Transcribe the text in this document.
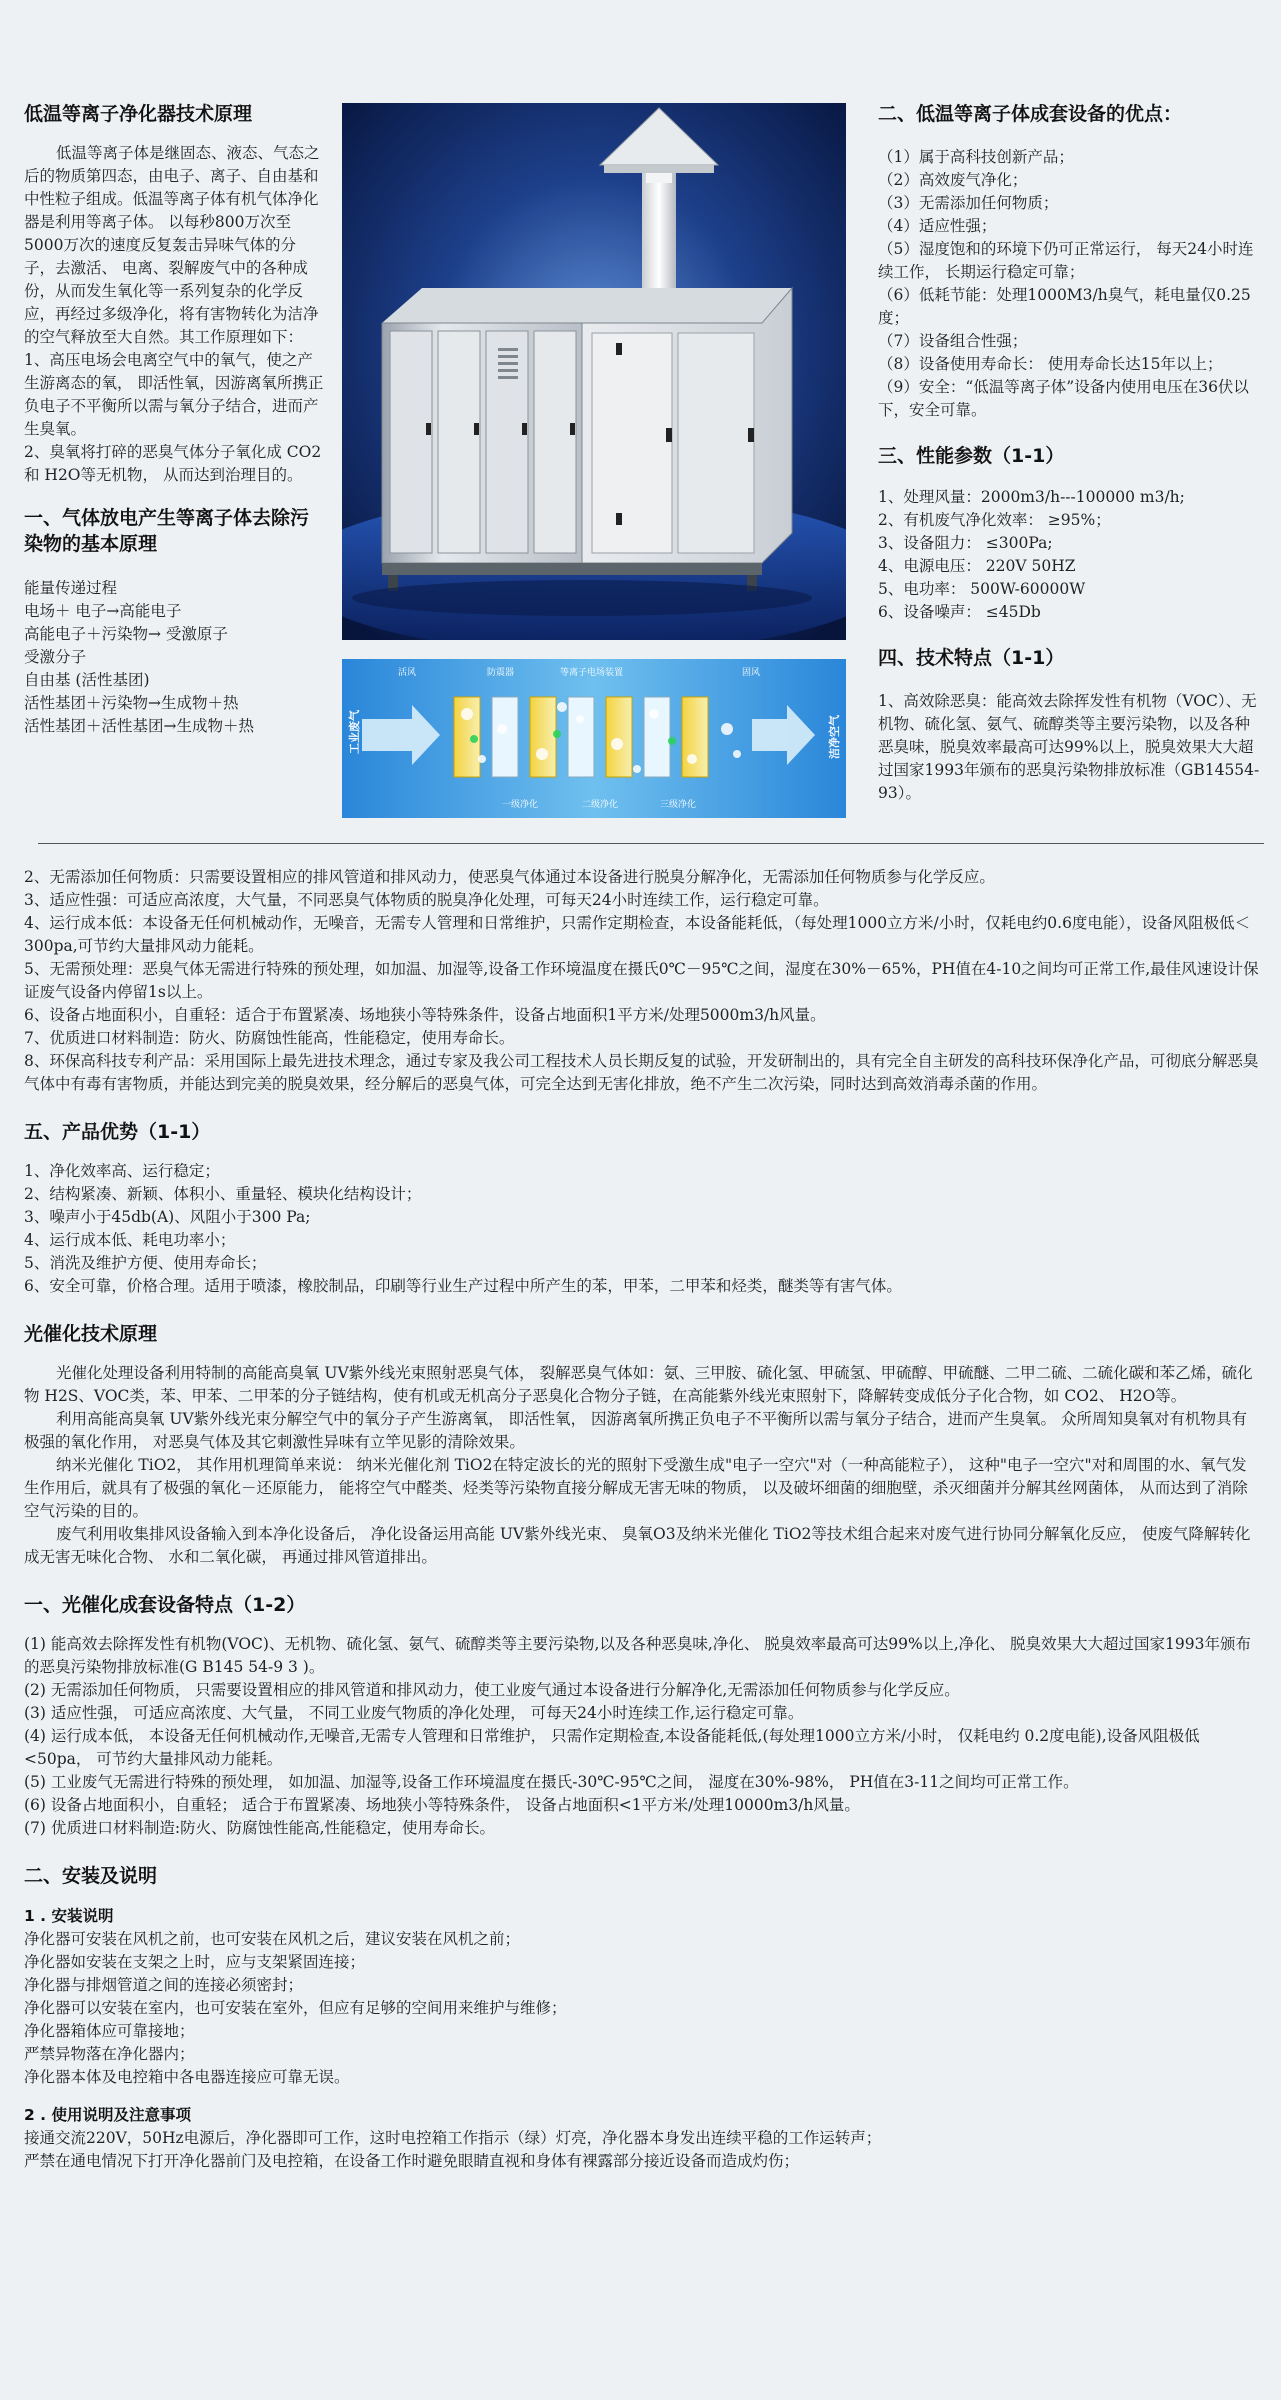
低温等离子净化器技术原理

低温等离子体是继固态、液态、气态之后的物质第四态，由电子、离子、自由基和中性粒子组成。低温等离子体有机气体净化器是利用等离子体。 以每秒800万次至5000万次的速度反复轰击异味气体的分子，去激活、 电离、裂解废气中的各种成份，从而发生氧化等一系列复杂的化学反应，再经过多级净化，将有害物转化为洁净的空气释放至大自然。其工作原理如下：

1、高压电场会电离空气中的氧气，使之产生游离态的氧， 即活性氧，因游离氧所携正负电子不平衡所以需与氧分子结合，进而产生臭氧。

2、臭氧将打碎的恶臭气体分子氧化成 CO2和 H2O等无机物， 从而达到治理目的。

一、气体放电产生等离子体去除污染物的基本原理
能量传递过程
电场＋ 电子→高能电子
高能电子＋污染物→ 受激原子
受激分子
自由基 (活性基团)
活性基团＋污染物→生成物＋热
活性基团＋活性基团→生成物＋热
活风	防震器	等离子电场装置	固风
一级净化	二级净化	三级净化
工业废气	洁净空气
二、低温等离子体成套设备的优点：
（1）属于高科技创新产品；
（2）高效废气净化；
（3）无需添加任何物质；
（4）适应性强；
（5）湿度饱和的环境下仍可正常运行， 每天24小时连续工作， 长期运行稳定可靠；
（6）低耗节能：处理1000M3/h臭气，耗电量仅0.25度；
（7）设备组合性强；
（8）设备使用寿命长： 使用寿命长达15年以上；
（9）安全：“低温等离子体”设备内使用电压在36伏以下，安全可靠。
三、性能参数（1-1）
1、处理风量：2000m3/h---100000 m3/h;
2、有机废气净化效率： ≥95%；
3、设备阻力： ≤300Pa;
4、电源电压： 220V 50HZ
5、电功率： 500W-60000W
6、设备噪声： ≤45Db
四、技术特点（1-1）

1、高效除恶臭：能高效去除挥发性有机物（VOC）、无机物、硫化氢、氨气、硫醇类等主要污染物，以及各种恶臭味，脱臭效率最高可达99%以上，脱臭效果大大超过国家1993年颁布的恶臭污染物排放标准（GB14554-93）。

2、无需添加任何物质：只需要设置相应的排风管道和排风动力，使恶臭气体通过本设备进行脱臭分解净化，无需添加任何物质参与化学反应。
3、适应性强：可适应高浓度，大气量，不同恶臭气体物质的脱臭净化处理，可每天24小时连续工作，运行稳定可靠。
4、运行成本低：本设备无任何机械动作，无噪音，无需专人管理和日常维护，只需作定期检查，本设备能耗低，（每处理1000立方米/小时，仅耗电约0.6度电能），设备风阻极低＜300pa,可节约大量排风动力能耗。
5、无需预处理：恶臭气体无需进行特殊的预处理，如加温、加湿等,设备工作环境温度在摄氏0℃－95℃之间，湿度在30%－65%，PH值在4-10之间均可正常工作,最佳风速设计保证废气设备内停留1s以上。
6、设备占地面积小，自重轻：适合于布置紧凑、场地狭小等特殊条件，设备占地面积1平方米/处理5000m3/h风量。
7、优质进口材料制造：防火、防腐蚀性能高，性能稳定，使用寿命长。
8、环保高科技专利产品：采用国际上最先进技术理念，通过专家及我公司工程技术人员长期反复的试验，开发研制出的，具有完全自主研发的高科技环保净化产品，可彻底分解恶臭气体中有毒有害物质，并能达到完美的脱臭效果，经分解后的恶臭气体，可完全达到无害化排放，绝不产生二次污染，同时达到高效消毒杀菌的作用。
五、产品优势（1-1）
1、净化效率高、运行稳定；
2、结构紧凑、新颖、体积小、重量轻、模块化结构设计；
3、噪声小于45db(A)、风阻小于300 Pa;
4、运行成本低、耗电功率小；
5、消洗及维护方便、使用寿命长；
6、安全可靠，价格合理。适用于喷漆，橡胶制品，印刷等行业生产过程中所产生的苯，甲苯，二甲苯和烃类，醚类等有害气体。
光催化技术原理

光催化处理设备利用特制的高能高臭氧 UV紫外线光束照射恶臭气体， 裂解恶臭气体如：氨、三甲胺、硫化氢、甲硫氢、甲硫醇、甲硫醚、二甲二硫、二硫化碳和苯乙烯，硫化物 H2S、VOC类，苯、甲苯、二甲苯的分子链结构，使有机或无机高分子恶臭化合物分子链，在高能紫外线光束照射下，降解转变成低分子化合物，如 CO2、 H2O等。

利用高能高臭氧 UV紫外线光束分解空气中的氧分子产生游离氧， 即活性氧， 因游离氧所携正负电子不平衡所以需与氧分子结合，进而产生臭氧。 众所周知臭氧对有机物具有极强的氧化作用， 对恶臭气体及其它刺激性异味有立竿见影的清除效果。

纳米光催化 TiO2， 其作用机理简单来说： 纳米光催化剂 TiO2在特定波长的光的照射下受激生成"电子一空穴"对（一种高能粒子）， 这种"电子一空穴"对和周围的水、氧气发生作用后，就具有了极强的氧化－还原能力， 能将空气中醛类、烃类等污染物直接分解成无害无味的物质， 以及破坏细菌的细胞壁，杀灭细菌并分解其丝网菌体， 从而达到了消除空气污染的目的。

废气利用收集排风设备输入到本净化设备后， 净化设备运用高能 UV紫外线光束、 臭氧O3及纳米光催化 TiO2等技术组合起来对废气进行协同分解氧化反应， 使废气降解转化成无害无味化合物、 水和二氧化碳， 再通过排风管道排出。

一、光催化成套设备特点（1-2）
(1) 能高效去除挥发性有机物(VOC)、无机物、硫化氢、氨气、硫醇类等主要污染物,以及各种恶臭味,净化、 脱臭效率最高可达99%以上,净化、 脱臭效果大大超过国家1993年颁布的恶臭污染物排放标准(G B145 54-9 3 )。
(2) 无需添加任何物质， 只需要设置相应的排风管道和排风动力，使工业废气通过本设备进行分解净化,无需添加任何物质参与化学反应。
(3) 适应性强， 可适应高浓度、大气量， 不同工业废气物质的净化处理， 可每天24小时连续工作,运行稳定可靠。
(4) 运行成本低， 本设备无任何机械动作,无噪音,无需专人管理和日常维护， 只需作定期检查,本设备能耗低,(每处理1000立方米/小时， 仅耗电约 0.2度电能),设备风阻极低<50pa， 可节约大量排风动力能耗。
(5) 工业废气无需进行特殊的预处理， 如加温、加湿等,设备工作环境温度在摄氏-30℃-95℃之间， 湿度在30%-98%， PH值在3-11之间均可正常工作。
(6) 设备占地面积小，自重轻； 适合于布置紧凑、场地狭小等特殊条件， 设备占地面积<1平方米/处理10000m3/h风量。
(7) 优质进口材料制造:防火、防腐蚀性能高,性能稳定，使用寿命长。
二、安装及说明
1 . 安装说明
净化器可安装在风机之前，也可安装在风机之后，建议安装在风机之前；
净化器如安装在支架之上时，应与支架紧固连接；
净化器与排烟管道之间的连接必须密封；
净化器可以安装在室内，也可安装在室外，但应有足够的空间用来维护与维修；
净化器箱体应可靠接地；
严禁异物落在净化器内；
净化器本体及电控箱中各电器连接应可靠无误。
2 . 使用说明及注意事项
接通交流220V，50Hz电源后，净化器即可工作，这时电控箱工作指示（绿）灯亮，净化器本身发出连续平稳的工作运转声；
严禁在通电情况下打开净化器前门及电控箱，在设备工作时避免眼睛直视和身体有裸露部分接近设备而造成灼伤；
